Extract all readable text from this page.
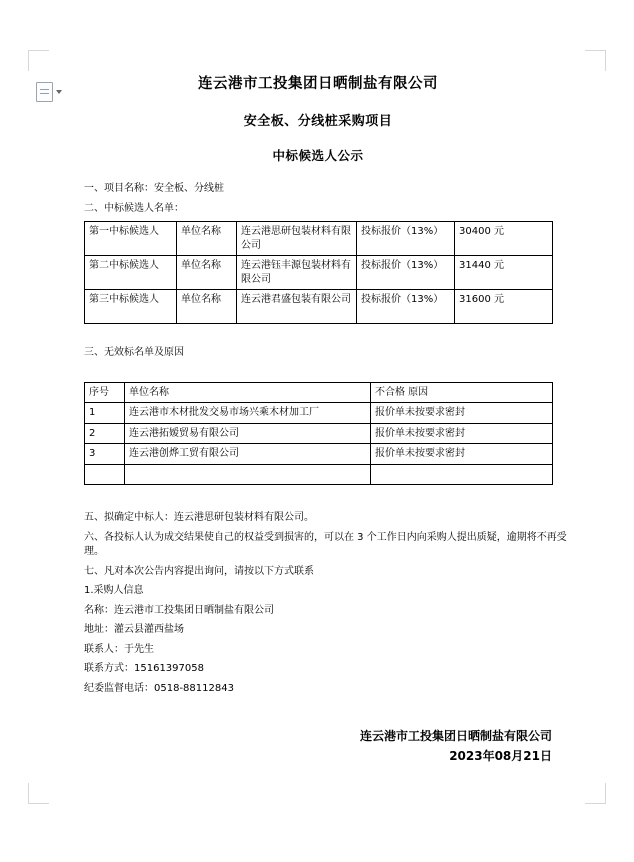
连云港市工投集团日晒制盐有限公司
安全板、分线桩采购项目
中标候选人公示

一、项目名称：安全板、分线桩

二、中标候选人名单：

第一中标候选人	单位名称	连云港思研包装材料有限公司	投标报价（13%）	30400 元
第二中标候选人	单位名称	连云港钰丰源包装材料有限公司	投标报价（13%）	31440 元
第三中标候选人	单位名称	连云港君盛包装有限公司	投标报价（13%）	31600 元

三、无效标名单及原因

序号	单位名称	不合格 原因
1	连云港市木材批发交易市场兴乘木材加工厂	报价单未按要求密封
2	连云港拓嫒贸易有限公司	报价单未按要求密封
3	连云港创烨工贸有限公司	报价单未按要求密封

五、拟确定中标人：连云港思研包装材料有限公司。

六、各投标人认为成交结果使自己的权益受到损害的，可以在 3 个工作日内向采购人提出质疑，逾期将不再受理。

七、凡对本次公告内容提出询问，请按以下方式联系

1.采购人信息

名称：连云港市工投集团日晒制盐有限公司

地址：灌云县灌西盐场

联系人：于先生

联系方式：15161397058

纪委监督电话：0518-88112843

连云港市工投集团日晒制盐有限公司
2023年08月21日
